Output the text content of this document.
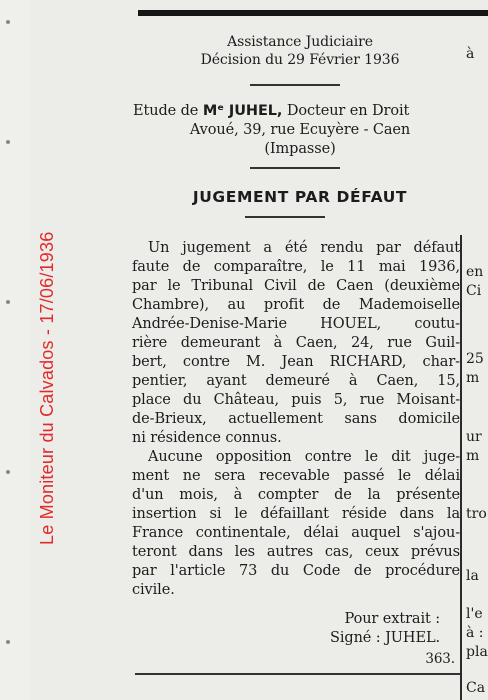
Le Moniteur du Calvados - 17/06/1936
Assistance Judiciaire
Décision du 29 Février 1936
Etude de Mᵉ JUHEL, Docteur en Droit
Avoué, 39, rue Ecuyère - Caen
(Impasse)
JUGEMENT PAR DÉFAUT
Un jugement a été rendu par défaut
faute de comparaître, le 11 mai 1936,
par le Tribunal Civil de Caen (deuxième
Chambre), au profit de Mademoiselle
Andrée-Denise-Marie HOUEL, coutu-
rière demeurant à Caen, 24, rue Guil-
bert, contre M. Jean RICHARD, char-
pentier, ayant demeuré à Caen, 15,
place du Château, puis 5, rue Moisant-
de-Brieux, actuellement sans domicile
ni résidence connus.
Aucune opposition contre le dit juge-
ment ne sera recevable passé le délai
d'un mois, à compter de la présente
insertion si le défaillant réside dans la
France continentale, délai auquel s'ajou-
teront dans les autres cas, ceux prévus
par l'article 73 du Code de procédure
civile.
Pour extrait :
Signé : JUHEL.
363.
à
en
Ci
25
m
ur
m
tro
la
l'e
à :
pla
Ca
